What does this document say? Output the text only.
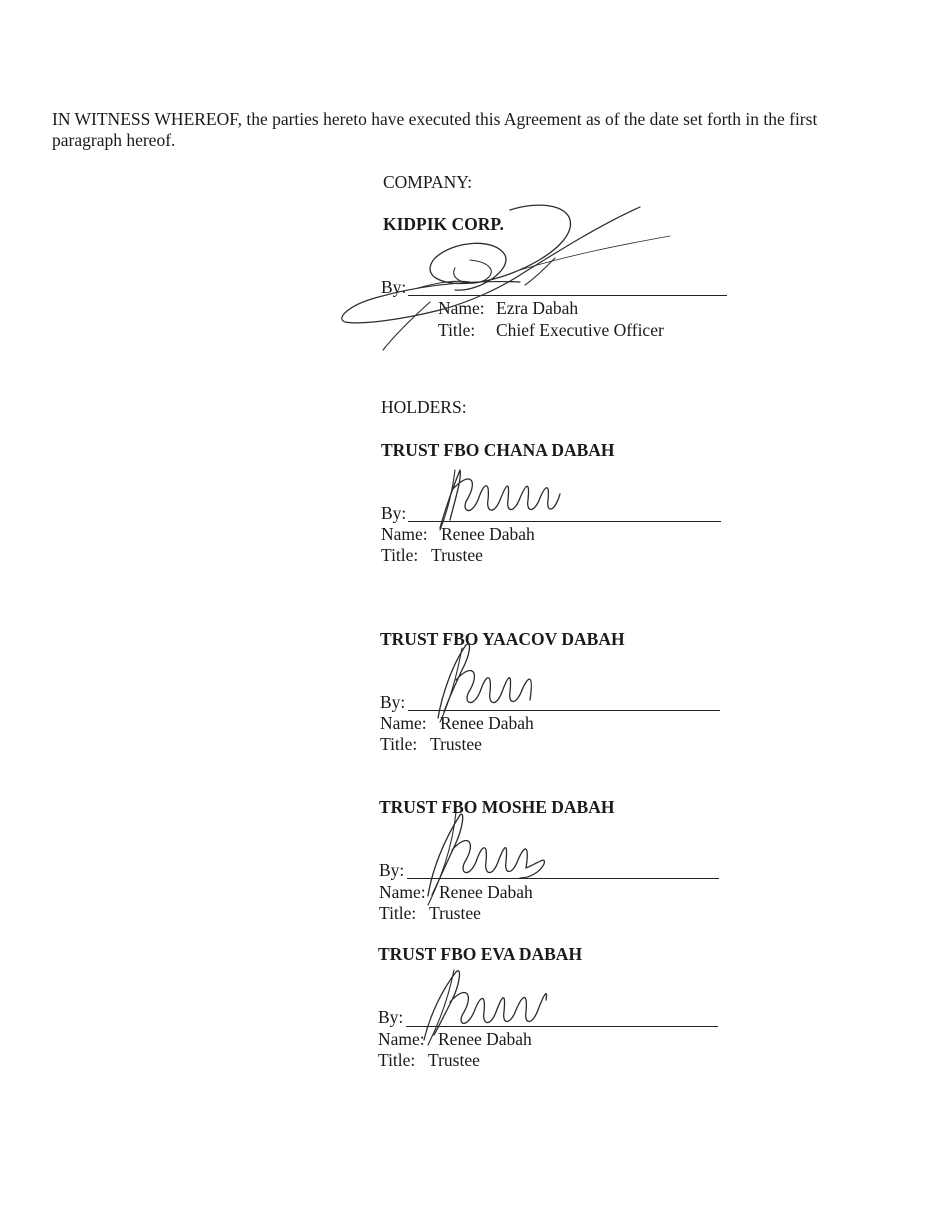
IN WITNESS WHEREOF, the parties hereto have executed this Agreement as of the date set forth in the first paragraph hereof.
COMPANY:
KIDPIK CORP.
By:
Name: Ezra Dabah
Title: Chief Executive Officer
HOLDERS:
TRUST FBO CHANA DABAH
By:
Name: Renee Dabah
Title: Trustee
TRUST FBO YAACOV DABAH
By:
Name: Renee Dabah
Title: Trustee
TRUST FBO MOSHE DABAH
By:
Name: Renee Dabah
Title: Trustee
TRUST FBO EVA DABAH
By:
Name: Renee Dabah
Title: Trustee
